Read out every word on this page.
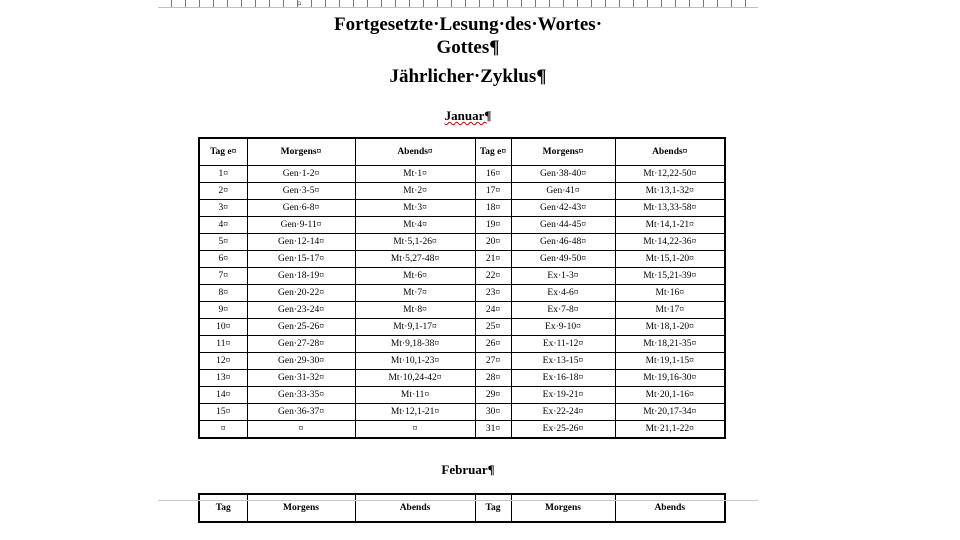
⌂
Fortgesetzte·Lesung·des·Wortes·
Gottes¶
Jährlicher·Zyklus¶
Januar¶
Tag e¤	Morgens¤	Abends¤	Tag e¤	Morgens¤	Abends¤
1¤	Gen·1-2¤	Mt·1¤	16¤	Gen·38-40¤	Mt·12,22-50¤
2¤	Gen·3-5¤	Mt·2¤	17¤	Gen·41¤	Mt·13,1-32¤
3¤	Gen·6-8¤	Mt·3¤	18¤	Gen·42-43¤	Mt·13,33-58¤
4¤	Gen·9-11¤	Mt·4¤	19¤	Gen·44-45¤	Mt·14,1-21¤
5¤	Gen·12-14¤	Mt·5,1-26¤	20¤	Gen·46-48¤	Mt·14,22-36¤
6¤	Gen·15-17¤	Mt·5,27-48¤	21¤	Gen·49-50¤	Mt·15,1-20¤
7¤	Gen·18-19¤	Mt·6¤	22¤	Ex·1-3¤	Mt·15,21-39¤
8¤	Gen·20-22¤	Mt·7¤	23¤	Ex·4-6¤	Mt·16¤
9¤	Gen·23-24¤	Mt·8¤	24¤	Ex·7-8¤	Mt·17¤
10¤	Gen·25-26¤	Mt·9,1-17¤	25¤	Ex·9-10¤	Mt·18,1-20¤
11¤	Gen·27-28¤	Mt·9,18-38¤	26¤	Ex·11-12¤	Mt·18,21-35¤
12¤	Gen·29-30¤	Mt·10,1-23¤	27¤	Ex·13-15¤	Mt·19,1-15¤
13¤	Gen·31-32¤	Mt·10,24-42¤	28¤	Ex·16-18¤	Mt·19,16-30¤
14¤	Gen·33-35¤	Mt·11¤	29¤	Ex·19-21¤	Mt·20,1-16¤
15¤	Gen·36-37¤	Mt·12,1-21¤	30¤	Ex·22-24¤	Mt·20,17-34¤
¤	¤	¤	31¤	Ex·25-26¤	Mt·21,1-22¤
Februar¶
Tag	Morgens	Abends	Tag	Morgens	Abends
